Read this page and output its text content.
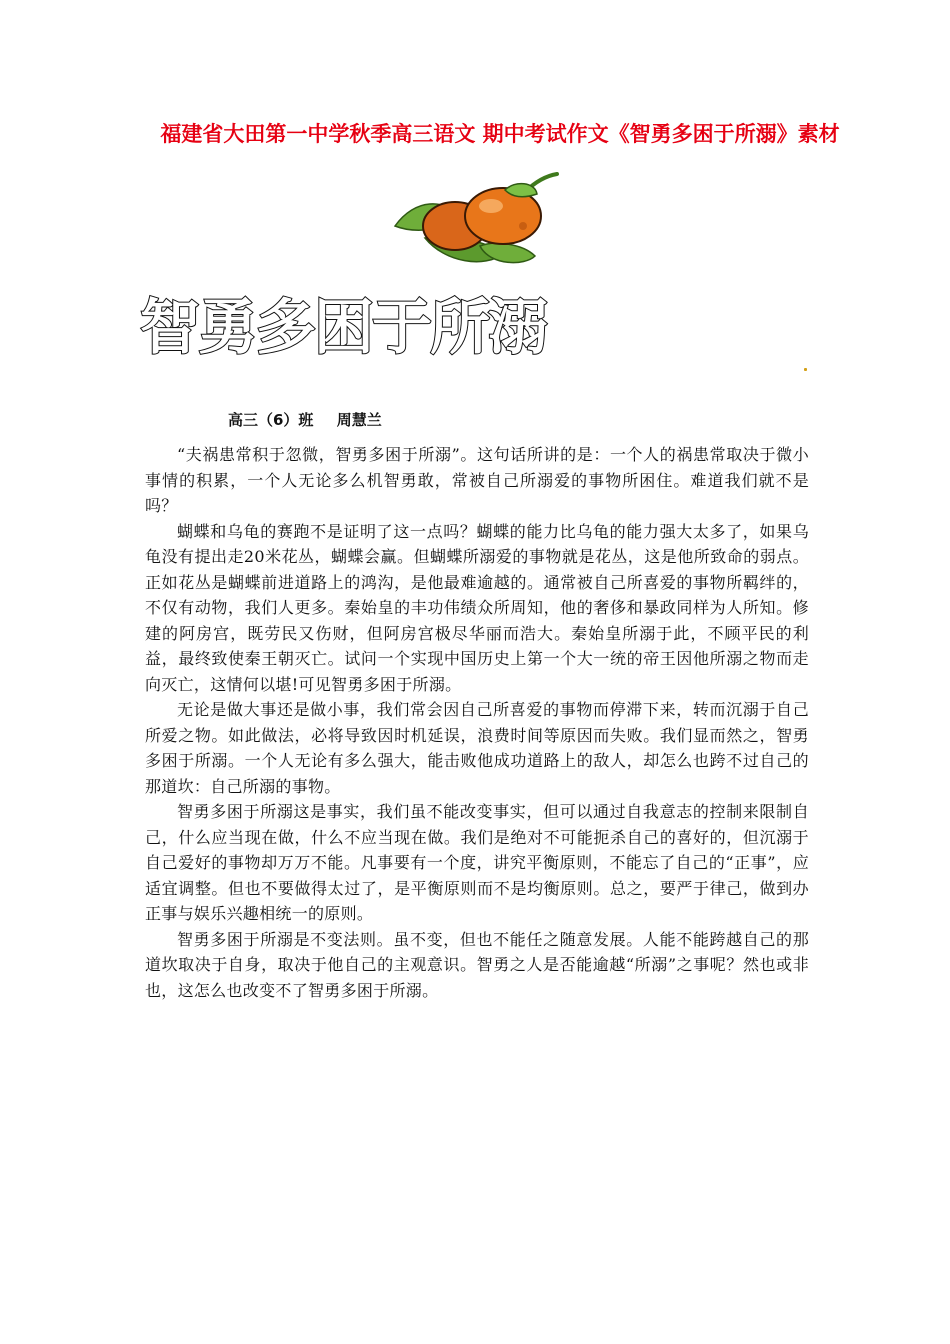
福建省大田第一中学秋季高三语文 期中考试作文《智勇多困于所溺》素材
智勇多困于所溺

高三（6）班 周慧兰

“夫祸患常积于忽微，智勇多困于所溺”。这句话所讲的是：一个人的祸患常取决于微小事情的积累，一个人无论多么机智勇敢，常被自己所溺爱的事物所困住。难道我们就不是吗？

蝴蝶和乌龟的赛跑不是证明了这一点吗？蝴蝶的能力比乌龟的能力强大太多了，如果乌龟没有提出走20米花丛，蝴蝶会赢。但蝴蝶所溺爱的事物就是花丛，这是他所致命的弱点。正如花丛是蝴蝶前进道路上的鸿沟，是他最难逾越的。通常被自己所喜爱的事物所羁绊的，不仅有动物，我们人更多。秦始皇的丰功伟绩众所周知，他的奢侈和暴政同样为人所知。修建的阿房宫，既劳民又伤财，但阿房宫极尽华丽而浩大。秦始皇所溺于此，不顾平民的利益，最终致使秦王朝灭亡。试问一个实现中国历史上第一个大一统的帝王因他所溺之物而走向灭亡，这情何以堪!可见智勇多困于所溺。

无论是做大事还是做小事，我们常会因自己所喜爱的事物而停滞下来，转而沉溺于自己所爱之物。如此做法，必将导致因时机延误，浪费时间等原因而失败。我们显而然之，智勇多困于所溺。一个人无论有多么强大，能击败他成功道路上的敌人，却怎么也跨不过自己的那道坎：自己所溺的事物。

智勇多困于所溺这是事实，我们虽不能改变事实，但可以通过自我意志的控制来限制自己，什么应当现在做，什么不应当现在做。我们是绝对不可能扼杀自己的喜好的，但沉溺于自己爱好的事物却万万不能。凡事要有一个度，讲究平衡原则，不能忘了自己的“正事”，应适宜调整。但也不要做得太过了，是平衡原则而不是均衡原则。总之，要严于律己，做到办正事与娱乐兴趣相统一的原则。

智勇多困于所溺是不变法则。虽不变，但也不能任之随意发展。人能不能跨越自己的那道坎取决于自身，取决于他自己的主观意识。智勇之人是否能逾越“所溺”之事呢？然也或非也，这怎么也改变不了智勇多困于所溺。
